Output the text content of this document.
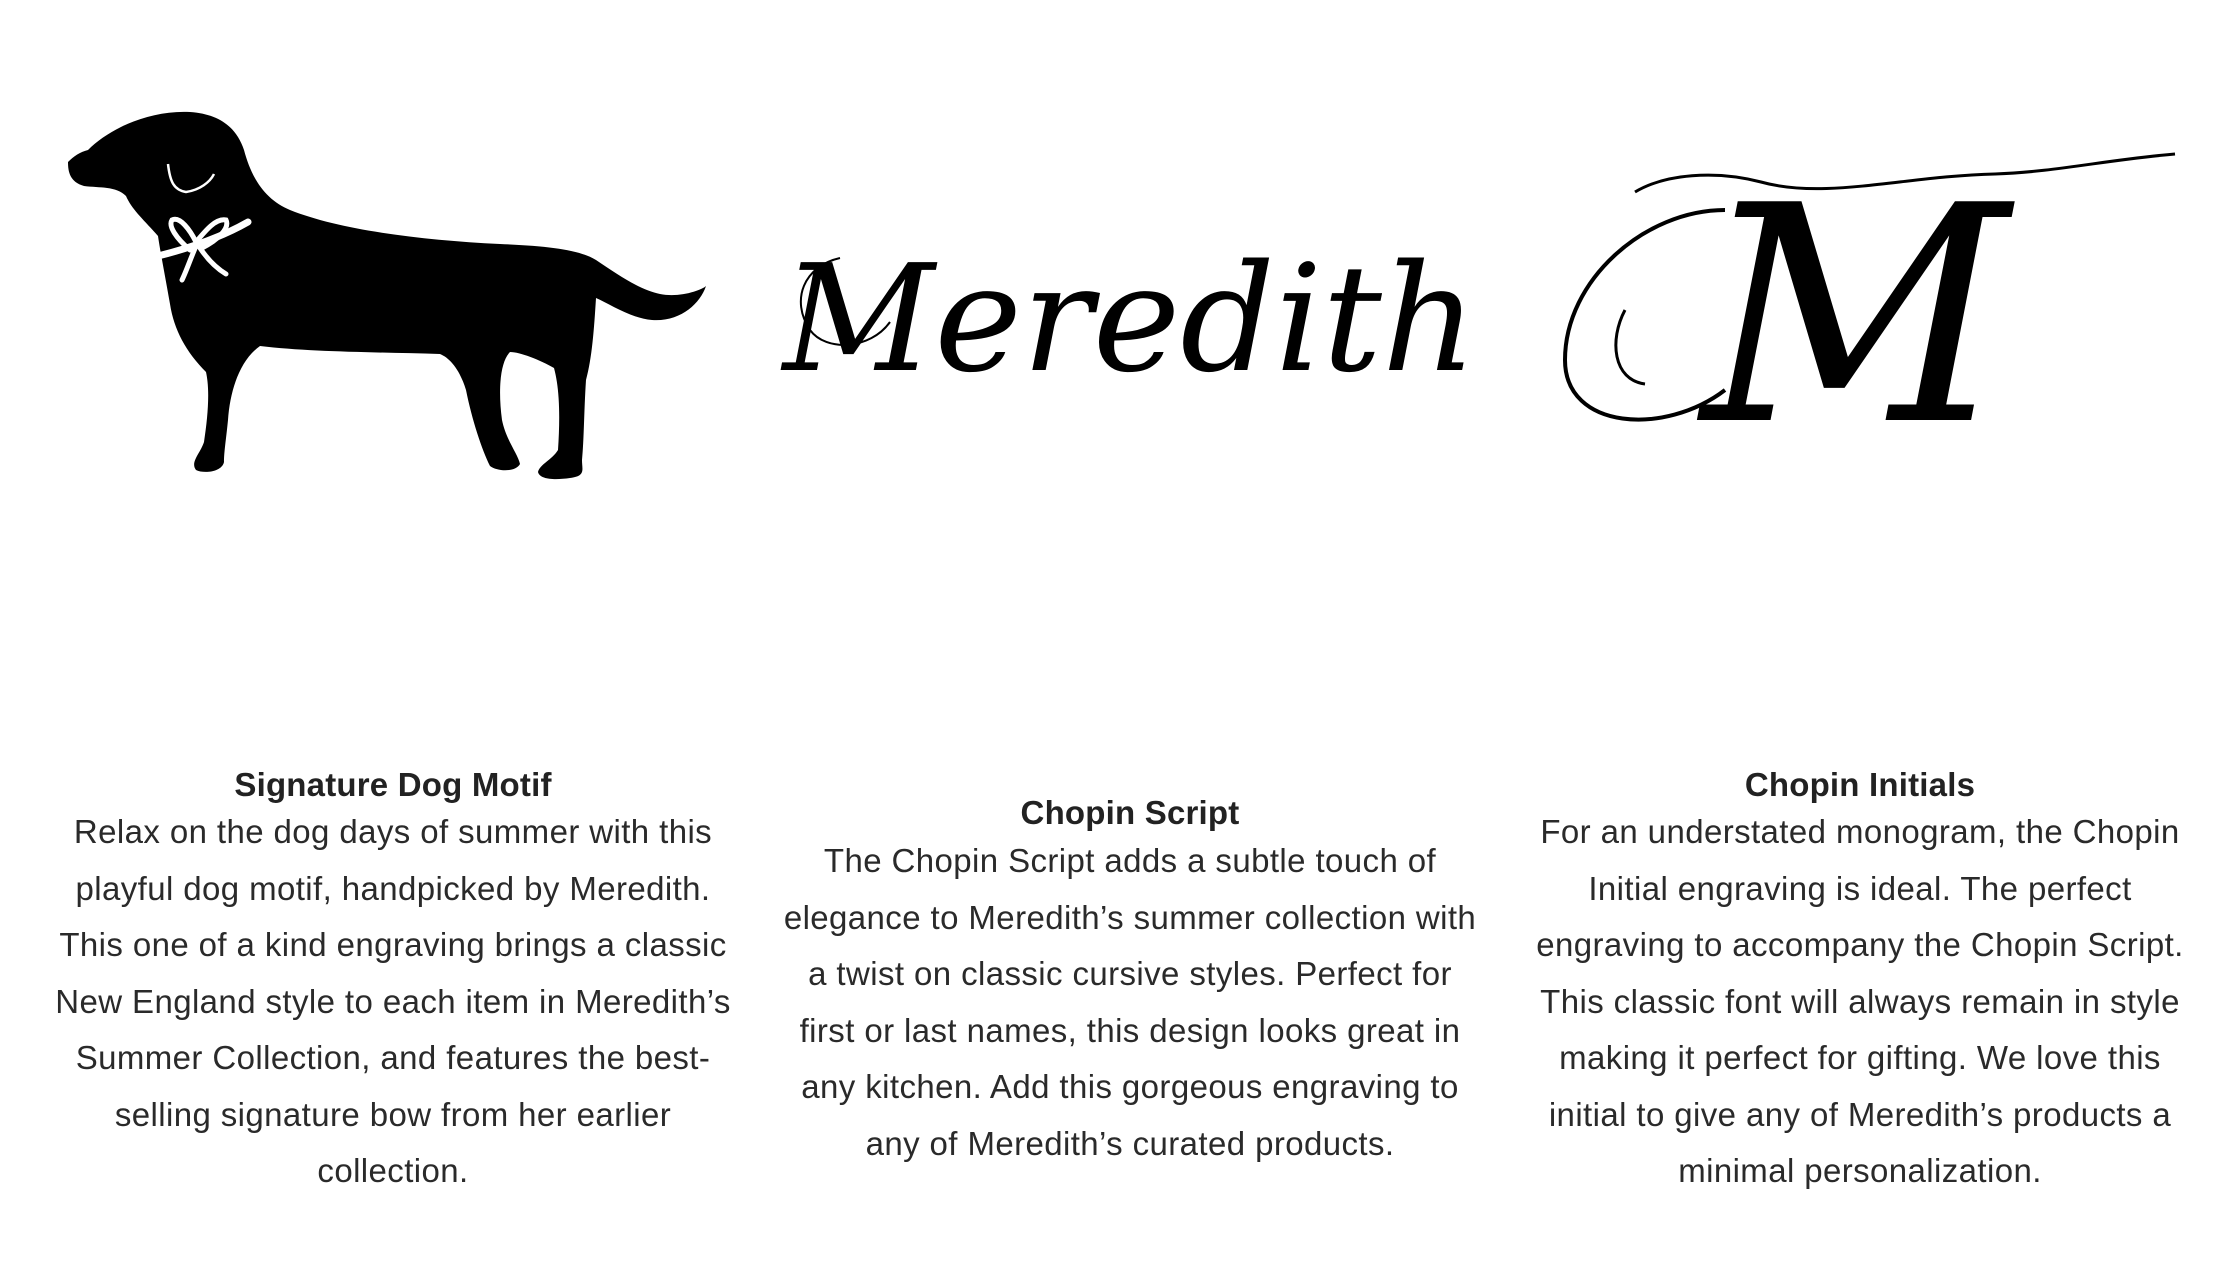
Signature Dog Motif

Relax on the dog days of summer with this playful dog motif, handpicked by Meredith. This one of a kind engraving brings a classic New England style to each item in Meredith’s Summer Collection, and features the best-selling signature bow from her earlier collection.

Meredith
Chopin Script

The Chopin Script adds a subtle touch of elegance to Meredith’s summer collection with a twist on classic cursive styles. Perfect for first or last names, this design looks great in any kitchen. Add this gorgeous engraving to any of Meredith’s curated products.

M
Chopin Initials

For an understated monogram, the Chopin Initial engraving is ideal. The perfect engraving to accompany the Chopin Script. This classic font will always remain in style making it perfect for gifting. We love this initial to give any of Meredith’s products a minimal personalization.
